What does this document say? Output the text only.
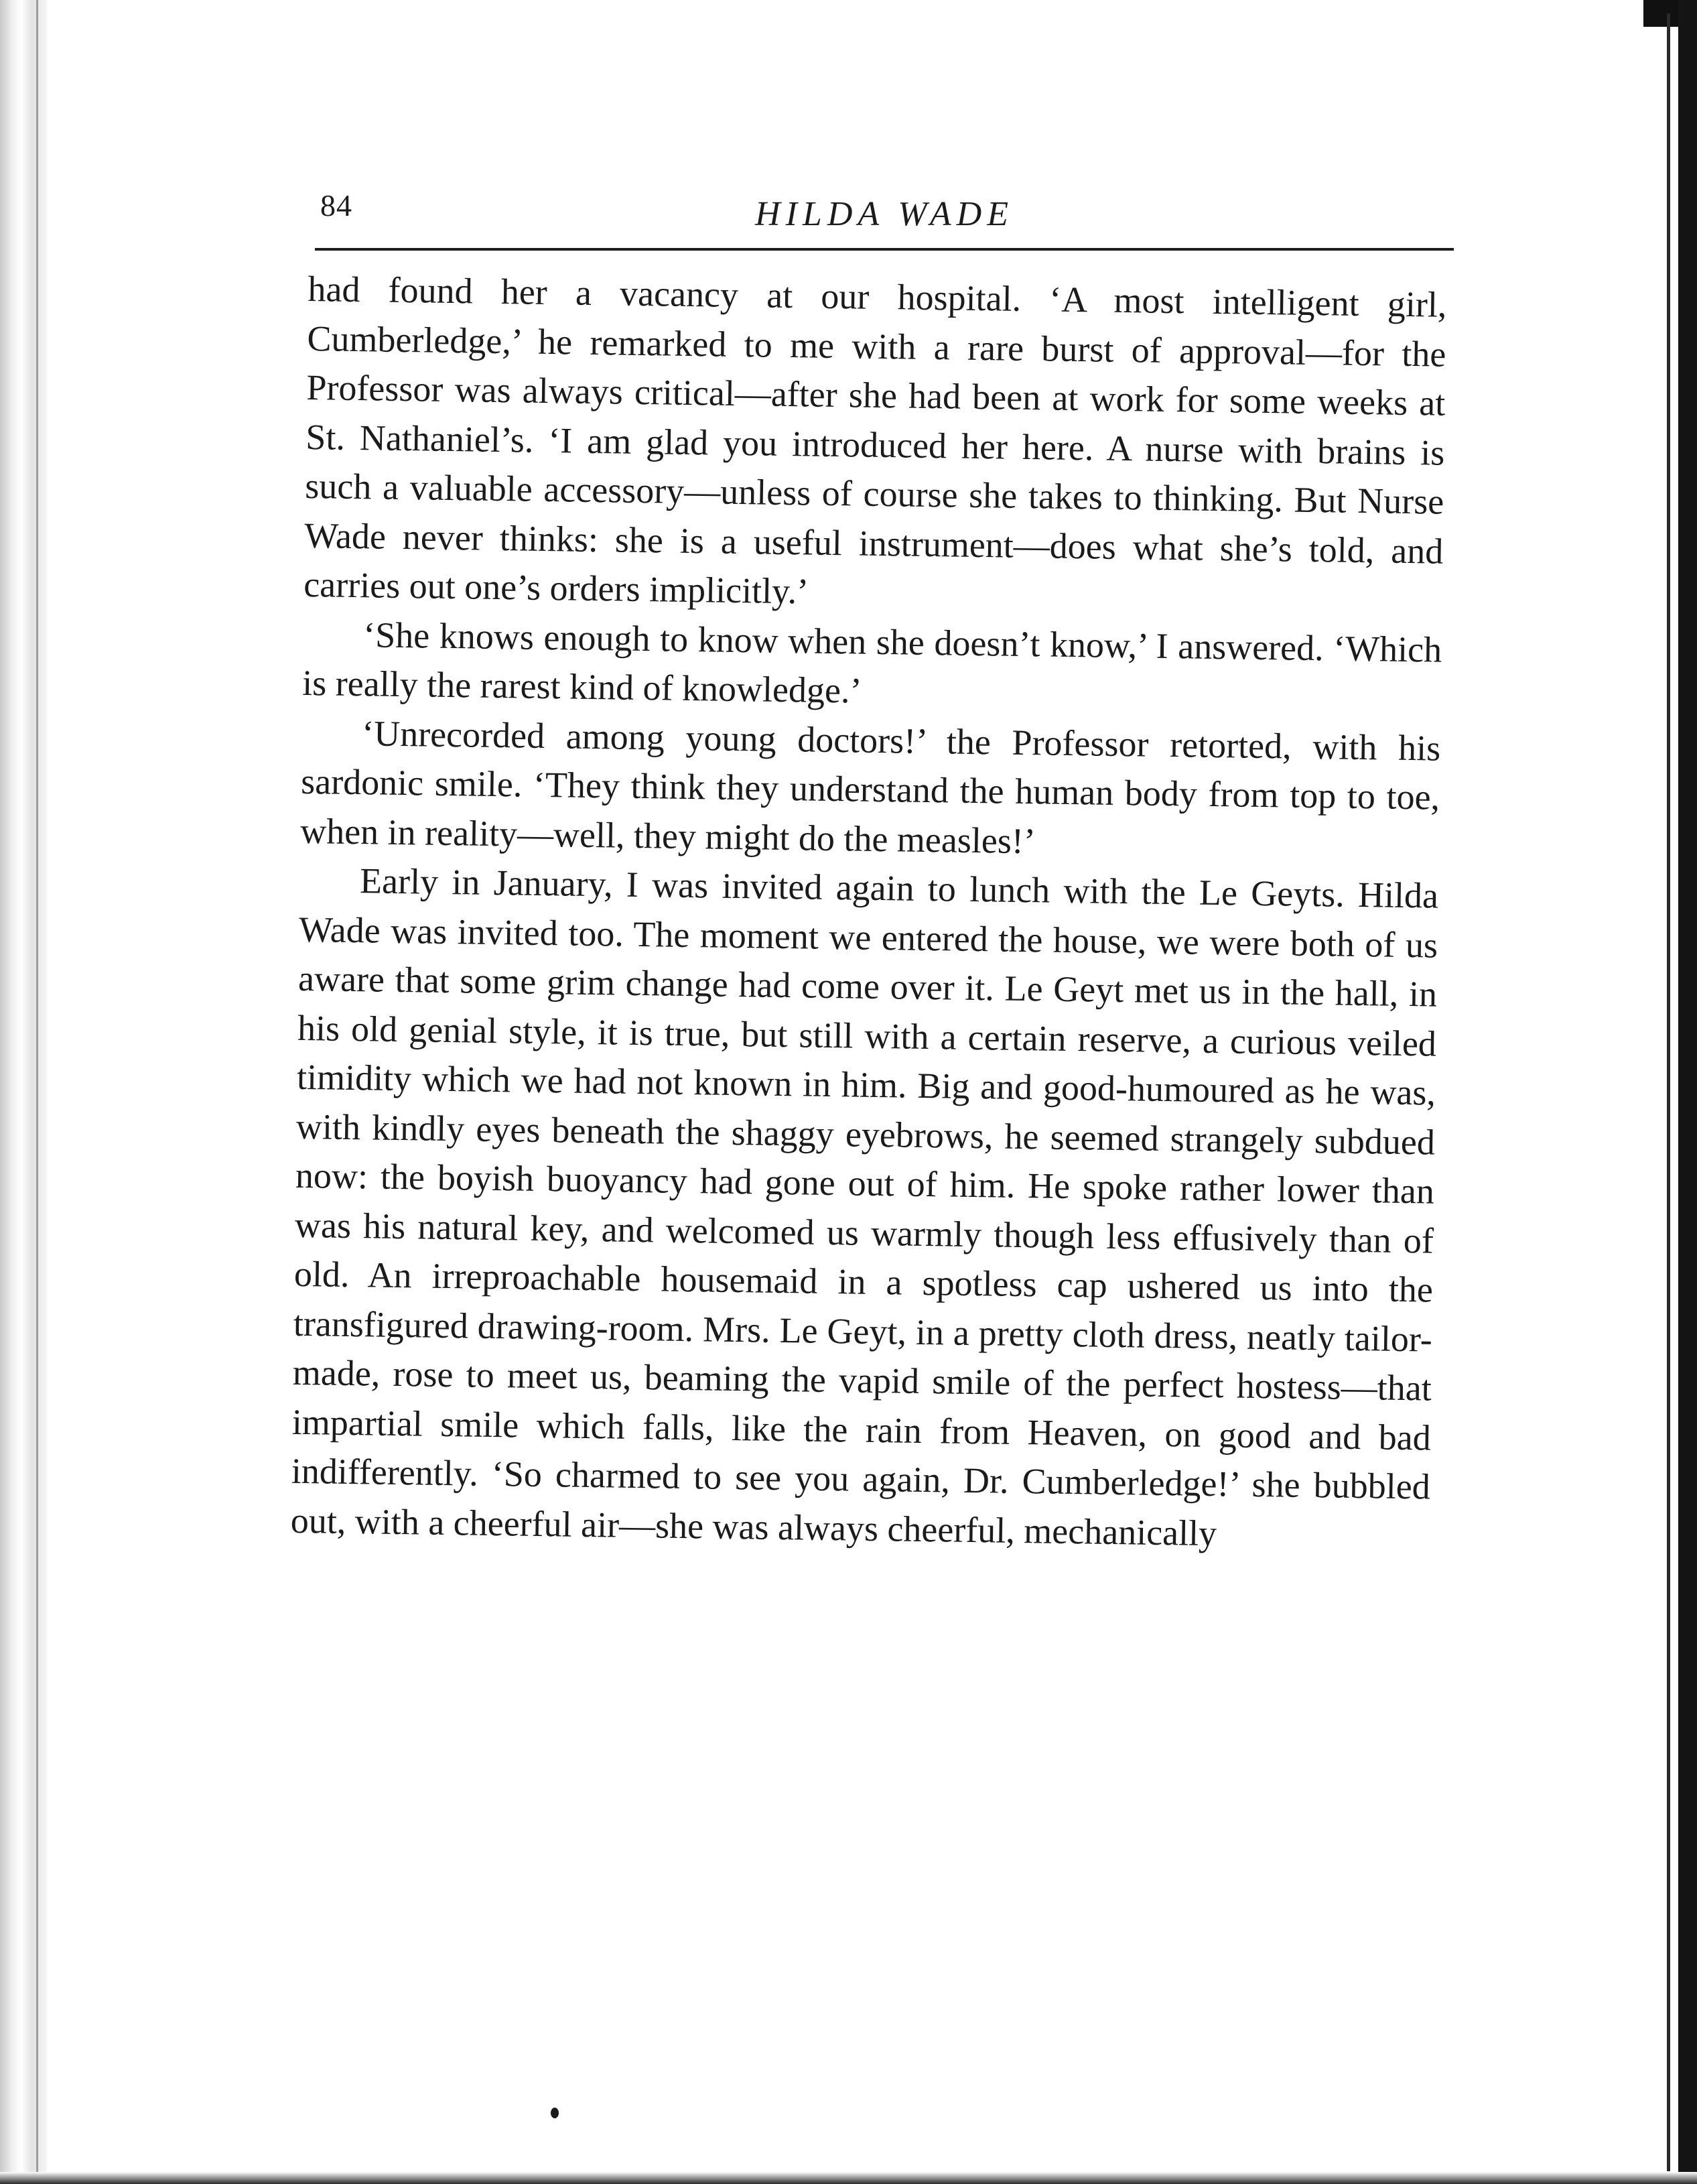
84	HILDA WADE

had found her a vacancy at our hospital. ‘A most intelligent girl, Cumberledge,’ he remarked to me with a rare burst of approval—for the Professor was always critical—after she had been at work for some weeks at St. Nathaniel’s. ‘I am glad you introduced her here. A nurse with brains is such a valuable accessory—unless of course she takes to thinking. But Nurse Wade never thinks: she is a useful instrument—does what she’s told, and carries out one’s orders implicitly.’

‘She knows enough to know when she doesn’t know,’ I answered. ‘Which is really the rarest kind of knowledge.’

‘Unrecorded among young doctors!’ the Professor retorted, with his sardonic smile. ‘They think they understand the human body from top to toe, when in reality—well, they might do the measles!’

Early in January, I was invited again to lunch with the Le Geyts. Hilda Wade was invited too. The moment we entered the house, we were both of us aware that some grim change had come over it. Le Geyt met us in the hall, in his old genial style, it is true, but still with a certain reserve, a curious veiled timidity which we had not known in him. Big and good-humoured as he was, with kindly eyes beneath the shaggy eyebrows, he seemed strangely subdued now: the boyish buoyancy had gone out of him. He spoke rather lower than was his natural key, and welcomed us warmly though less effusively than of old. An irreproachable housemaid in a spotless cap ushered us into the transfigured drawing-room. Mrs. Le Geyt, in a pretty cloth dress, neatly tailor-made, rose to meet us, beaming the vapid smile of the perfect hostess—that impartial smile which falls, like the rain from Heaven, on good and bad indifferently. ‘So charmed to see you again, Dr. Cumberledge!’ she bubbled out, with a cheerful air—she was always cheerful, mechanically
